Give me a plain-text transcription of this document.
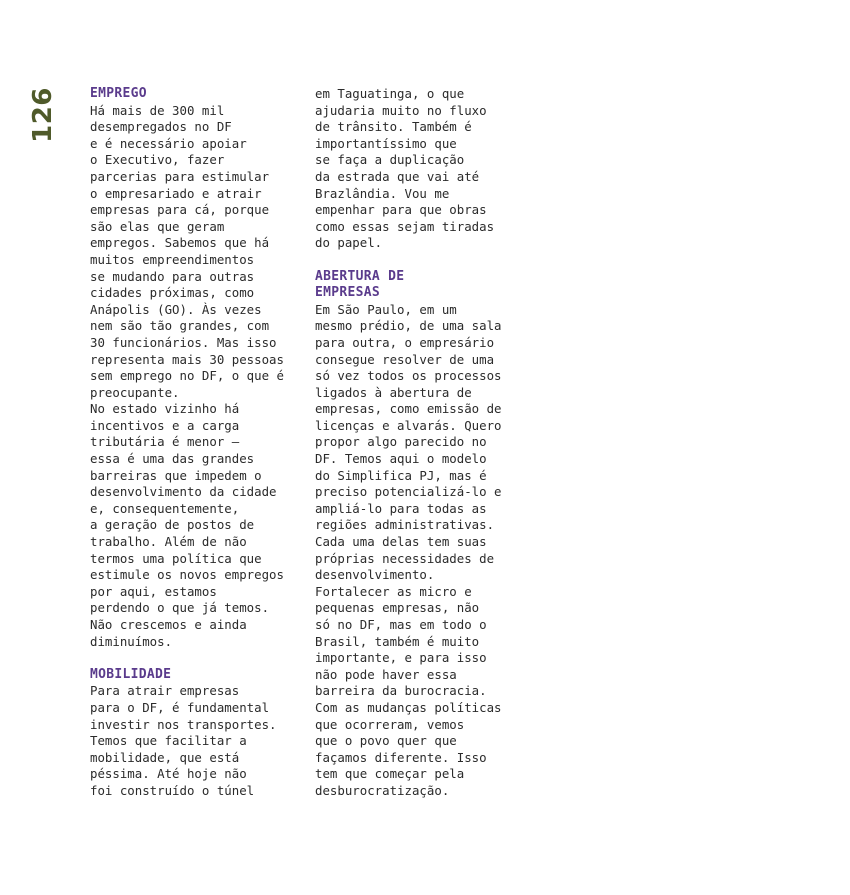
126 EMPREGO
Há mais de 300 mil
desempregados no DF
e é necessário apoiar
o Executivo, fazer
parcerias para estimular
o empresariado e atrair
empresas para cá, porque
são elas que geram
empregos. Sabemos que há
muitos empreendimentos
se mudando para outras
cidades próximas, como
Anápolis (GO). Às vezes
nem são tão grandes, com
30 funcionários. Mas isso
representa mais 30 pessoas
sem emprego no DF, o que é
preocupante.
No estado vizinho há
incentivos e a carga
tributária é menor —
essa é uma das grandes
barreiras que impedem o
desenvolvimento da cidade
e, consequentemente,
a geração de postos de
trabalho. Além de não
termos uma política que
estimule os novos empregos
por aqui, estamos
perdendo o que já temos.
Não crescemos e ainda
diminuímos.
MOBILIDADE
Para atrair empresas
para o DF, é fundamental
investir nos transportes.
Temos que facilitar a
mobilidade, que está
péssima. Até hoje não
foi construído o túnel
em Taguatinga, o que
ajudaria muito no fluxo
de trânsito. Também é
importantíssimo que
se faça a duplicação
da estrada que vai até
Brazlândia. Vou me
empenhar para que obras
como essas sejam tiradas
do papel.
ABERTURA DE
EMPRESAS
Em São Paulo, em um
mesmo prédio, de uma sala
para outra, o empresário
consegue resolver de uma
só vez todos os processos
ligados à abertura de
empresas, como emissão de
licenças e alvarás. Quero
propor algo parecido no
DF. Temos aqui o modelo
do Simplifica PJ, mas é
preciso potencializá-lo e
ampliá-lo para todas as
regiões administrativas.
Cada uma delas tem suas
próprias necessidades de
desenvolvimento.
Fortalecer as micro e
pequenas empresas, não
só no DF, mas em todo o
Brasil, também é muito
importante, e para isso
não pode haver essa
barreira da burocracia.
Com as mudanças políticas
que ocorreram, vemos
que o povo quer que
façamos diferente. Isso
tem que começar pela
desburocratização.
